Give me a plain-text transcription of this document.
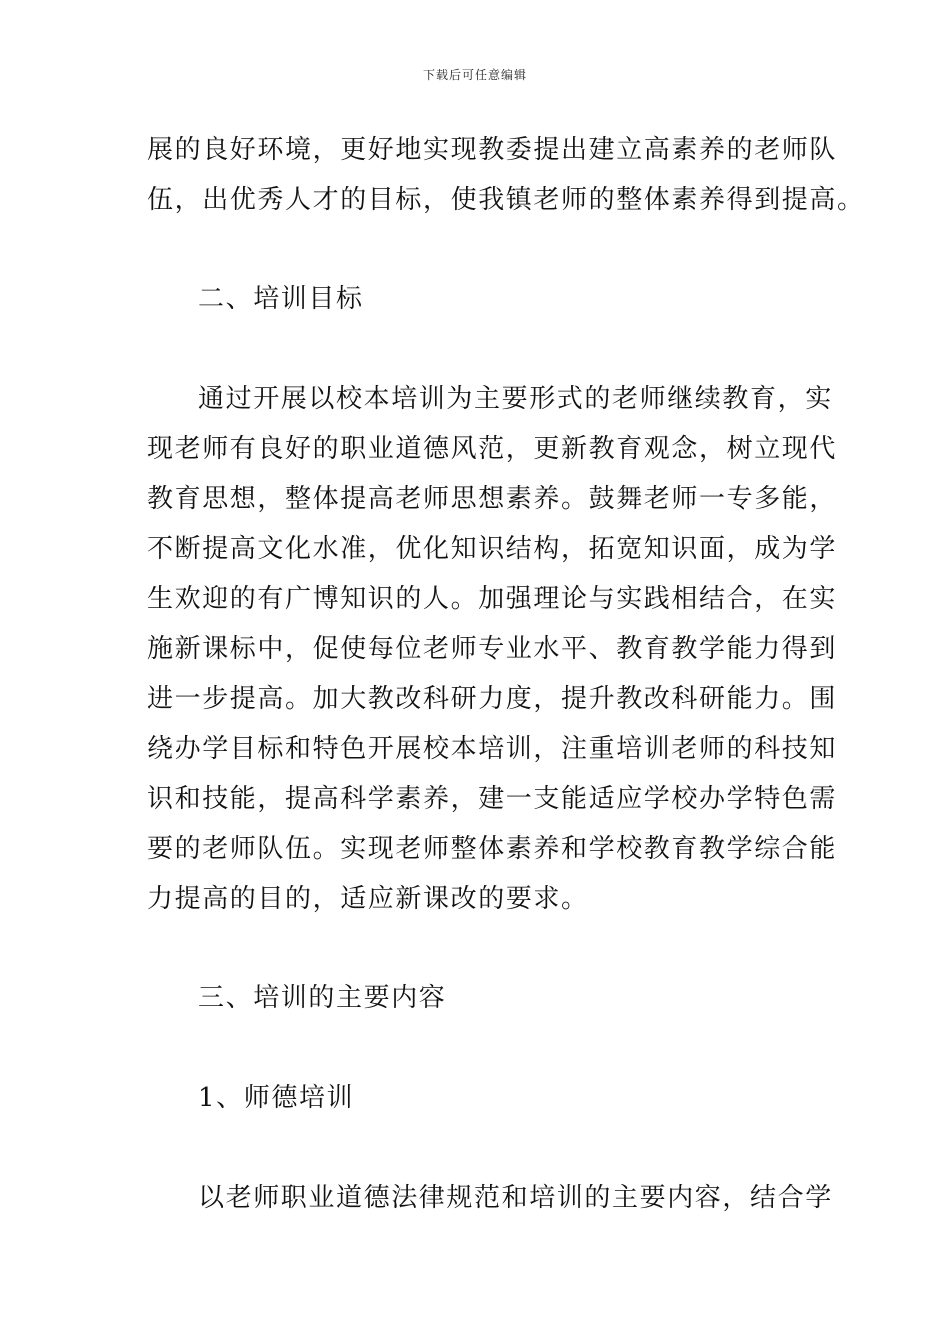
下载后可任意编辑
展的良好环境，更好地实现教委提出建立高素养的老师队
伍，出优秀人才的目标，使我镇老师的整体素养得到提高。
二、培训目标
通过开展以校本培训为主要形式的老师继续教育，实
现老师有良好的职业道德风范，更新教育观念，树立现代
教育思想，整体提高老师思想素养。鼓舞老师一专多能，
不断提高文化水准，优化知识结构，拓宽知识面，成为学
生欢迎的有广博知识的人。加强理论与实践相结合，在实
施新课标中，促使每位老师专业水平、教育教学能力得到
进一步提高。加大教改科研力度，提升教改科研能力。围
绕办学目标和特色开展校本培训，注重培训老师的科技知
识和技能，提高科学素养，建一支能适应学校办学特色需
要的老师队伍。实现老师整体素养和学校教育教学综合能
力提高的目的，适应新课改的要求。
三、培训的主要内容
1、师德培训
以老师职业道德法律规范和培训的主要内容，结合学
